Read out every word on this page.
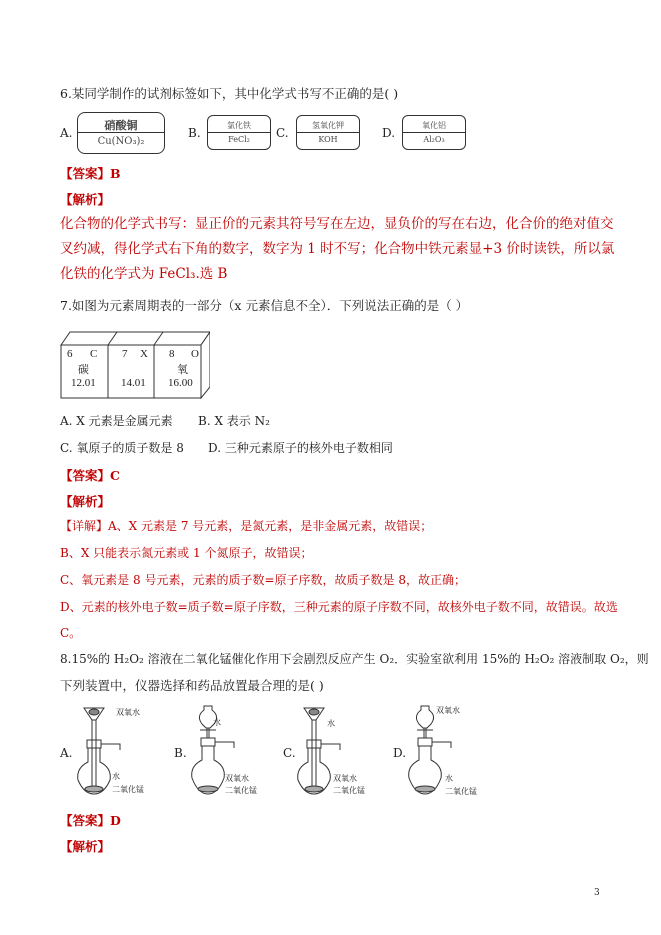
6.某同学制作的试剂标签如下，其中化学式书写不正确的是( )
A.
硝酸铜
Cu(NO₃)₂
B.
氯化铁
FeCl₂	C.
氢氧化钾
KOH	D.
氧化铝
Al₂O₃
【答案】B
【解析】
化合物的化学式书写：显正价的元素其符号写在左边，显负价的写在右边，化合价的绝对值交
叉约减，得化学式右下角的数字，数字为 1 时不写；化合物中铁元素显+3 价时读铁，所以氯
化铁的化学式为 FeCl₃.选 B
7.如图为元素周期表的一部分（x 元素信息不全）．下列说法正确的是（ ）
6 C
碳
12.01
7 X
14.01
8 O
氧
16.00
A. X 元素是金属元素 B. X 表示 N₂
C. 氧原子的质子数是 8 D. 三种元素原子的核外电子数相同
【答案】C
【解析】
【详解】A、X 元素是 7 号元素，是氮元素，是非金属元素，故错误；
B、X 只能表示氮元素或 1 个氮原子，故错误；
C、氧元素是 8 号元素，元素的质子数=原子序数，故质子数是 8，故正确；
D、元素的核外电子数=质子数=原子序数，三种元素的原子序数不同，故核外电子数不同，故错误。故选
C。
8.15%的 H₂O₂ 溶液在二氧化锰催化作用下会剧烈反应产生 O₂．实验室欲利用 15%的 H₂O₂ 溶液制取 O₂，则
下列装置中，仪器选择和药品放置最合理的是( )
A.
双氧水
水
二氧化锰
B.
水
双氧水
二氧化锰
C.
水
双氧水
二氧化锰
D.
双氧水
水
二氧化锰
【答案】D
【解析】
3
